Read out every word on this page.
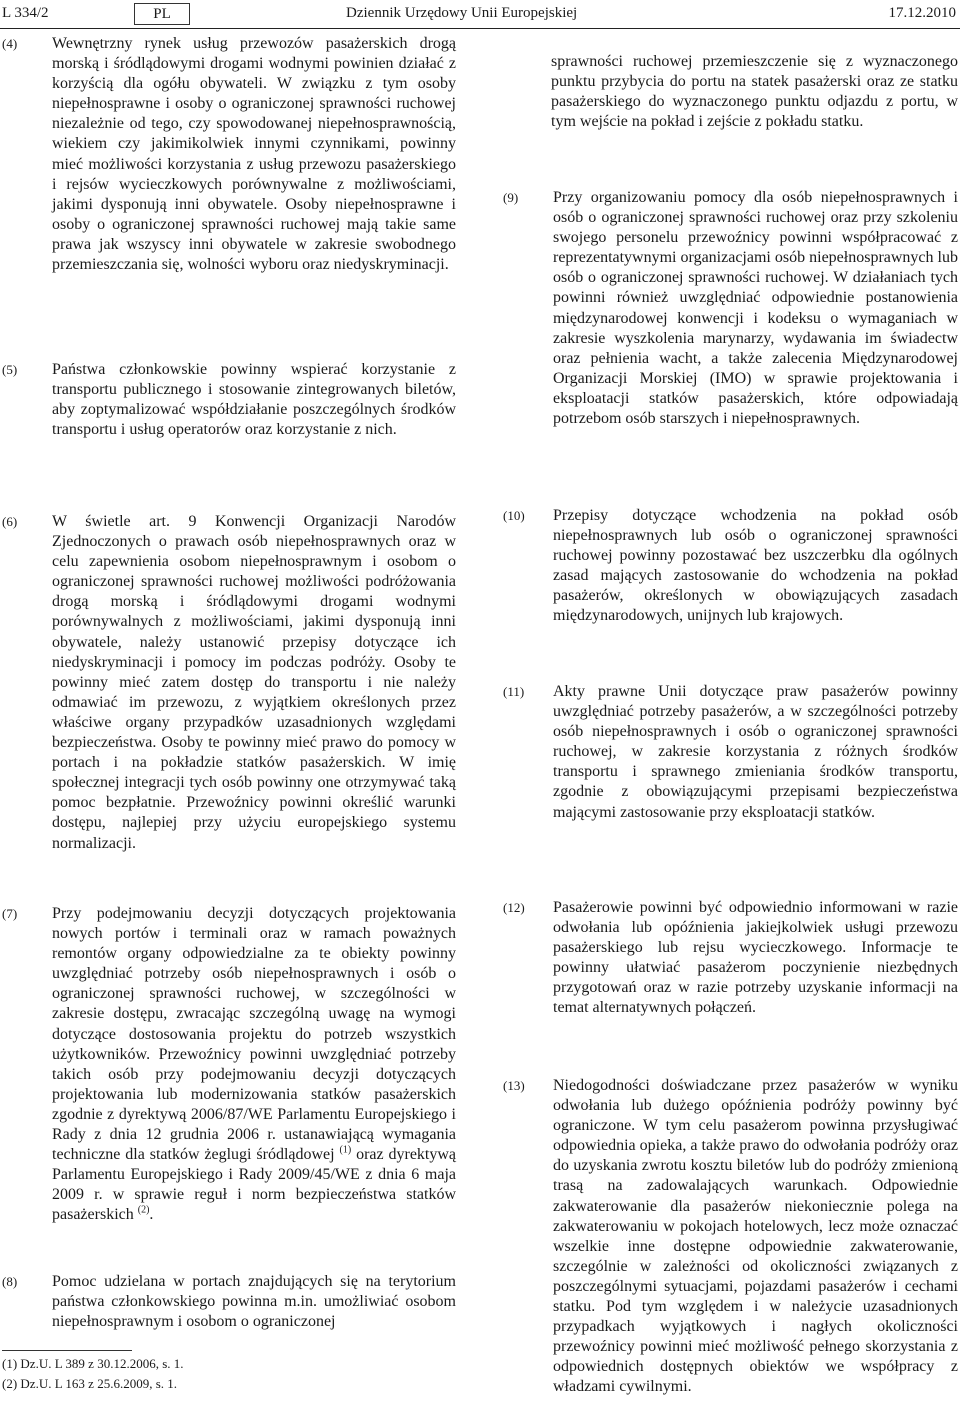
L 334/2	PL	Dziennik Urzędowy Unii Europejskiej	17.12.2010
(4) Wewnętrzny rynek usług przewozów pasażerskich drogą morską i śródlądowymi drogami wodnymi powinien działać z korzyścią dla ogółu obywateli. W związku z tym osoby niepełnosprawne i osoby o ograniczonej sprawności ruchowej niezależnie od tego, czy spowodowanej niepełnosprawnością, wiekiem czy jakimikolwiek innymi czynnikami, powinny mieć możliwości korzystania z usług przewozu pasażerskiego i rejsów wycieczkowych porównywalne z możliwościami, jakimi dysponują inni obywatele. Osoby niepełnosprawne i osoby o ograniczonej sprawności ruchowej mają takie same prawa jak wszyscy inni obywatele w zakresie swobodnego przemieszczania się, wolności wyboru oraz niedyskryminacji.

(5) Państwa członkowskie powinny wspierać korzystanie z transportu publicznego i stosowanie zintegrowanych biletów, aby zoptymalizować współdziałanie poszczególnych środków transportu i usług operatorów oraz korzystanie z nich.

(6) W świetle art. 9 Konwencji Organizacji Narodów Zjednoczonych o prawach osób niepełnosprawnych oraz w celu zapewnienia osobom niepełnosprawnym i osobom o ograniczonej sprawności ruchowej możliwości podróżowania drogą morską i śródlądowymi drogami wodnymi porównywalnych z możliwościami, jakimi dysponują inni obywatele, należy ustanowić przepisy dotyczące ich niedyskryminacji i pomocy im podczas podróży. Osoby te powinny mieć zatem dostęp do transportu i nie należy odmawiać im przewozu, z wyjątkiem określonych przez właściwe organy przypadków uzasadnionych względami bezpieczeństwa. Osoby te powinny mieć prawo do pomocy w portach i na pokładzie statków pasażerskich. W imię społecznej integracji tych osób powinny one otrzymywać taką pomoc bezpłatnie. Przewoźnicy powinni określić warunki dostępu, najlepiej przy użyciu europejskiego systemu normalizacji.

(7) Przy podejmowaniu decyzji dotyczących projektowania nowych portów i terminali oraz w ramach poważnych remontów organy odpowiedzialne za te obiekty powinny uwzględniać potrzeby osób niepełnosprawnych i osób o ograniczonej sprawności ruchowej, w szczególności w zakresie dostępu, zwracając szczególną uwagę na wymogi dotyczące dostosowania projektu do potrzeb wszystkich użytkowników. Przewoźnicy powinni uwzględniać potrzeby takich osób przy podejmowaniu decyzji dotyczących projektowania lub modernizowania statków pasażerskich zgodnie z dyrektywą 2006/87/WE Parlamentu Europejskiego i Rady z dnia 12 grudnia 2006 r. ustanawiającą wymagania techniczne dla statków żeglugi śródlądowej $^{(1)}$ oraz dyrektywą Parlamentu Europejskiego i Rady 2009/45/WE z dnia 6 maja 2009 r. w sprawie reguł i norm bezpieczeństwa statków pasażerskich $^{(2)}$.

(8) Pomoc udzielana w portach znajdujących się na terytorium państwa członkowskiego powinna m.in. umożliwiać osobom niepełnosprawnym i osobom o ograniczonej

(1) Dz.U. L 389 z 30.12.2006, s. 1.
(2) Dz.U. L 163 z 25.6.2009, s. 1.

sprawności ruchowej przemieszczenie się z wyznaczonego punktu przybycia do portu na statek pasażerski oraz ze statku pasażerskiego do wyznaczonego punktu odjazdu z portu, w tym wejście na pokład i zejście z pokładu statku.

(9) Przy organizowaniu pomocy dla osób niepełnosprawnych i osób o ograniczonej sprawności ruchowej oraz przy szkoleniu swojego personelu przewoźnicy powinni współpracować z reprezentatywnymi organizacjami osób niepełnosprawnych lub osób o ograniczonej sprawności ruchowej. W działaniach tych powinni również uwzględniać odpowiednie postanowienia międzynarodowej konwencji i kodeksu o wymaganiach w zakresie wyszkolenia marynarzy, wydawania im świadectw oraz pełnienia wacht, a także zalecenia Międzynarodowej Organizacji Morskiej (IMO) w sprawie projektowania i eksploatacji statków pasażerskich, które odpowiadają potrzebom osób starszych i niepełnosprawnych.

(10) Przepisy dotyczące wchodzenia na pokład osób niepełnosprawnych lub osób o ograniczonej sprawności ruchowej powinny pozostawać bez uszczerbku dla ogólnych zasad mających zastosowanie do wchodzenia na pokład pasażerów, określonych w obowiązujących zasadach międzynarodowych, unijnych lub krajowych.

(11) Akty prawne Unii dotyczące praw pasażerów powinny uwzględniać potrzeby pasażerów, a w szczególności potrzeby osób niepełnosprawnych i osób o ograniczonej sprawności ruchowej, w zakresie korzystania z różnych środków transportu i sprawnego zmieniania środków transportu, zgodnie z obowiązującymi przepisami bezpieczeństwa mającymi zastosowanie przy eksploatacji statków.

(12) Pasażerowie powinni być odpowiednio informowani w razie odwołania lub opóźnienia jakiejkolwiek usługi przewozu pasażerskiego lub rejsu wycieczkowego. Informacje te powinny ułatwiać pasażerom poczynienie niezbędnych przygotowań oraz w razie potrzeby uzyskanie informacji na temat alternatywnych połączeń.

(13) Niedogodności doświadczane przez pasażerów w wyniku odwołania lub dużego opóźnienia podróży powinny być ograniczone. W tym celu pasażerom powinna przysługiwać odpowiednia opieka, a także prawo do odwołania podróży oraz do uzyskania zwrotu kosztu biletów lub do podróży zmienioną trasą na zadowalających warunkach. Odpowiednie zakwaterowanie dla pasażerów niekoniecznie polega na zakwaterowaniu w pokojach hotelowych, lecz może oznaczać wszelkie inne dostępne odpowiednie zakwaterowanie, szczególnie w zależności od okoliczności związanych z poszczególnymi sytuacjami, pojazdami pasażerów i cechami statku. Pod tym względem i w należycie uzasadnionych przypadkach wyjątkowych i nagłych okoliczności przewoźnicy powinni mieć możliwość pełnego skorzystania z odpowiednich dostępnych obiektów we współpracy z władzami cywilnymi.
